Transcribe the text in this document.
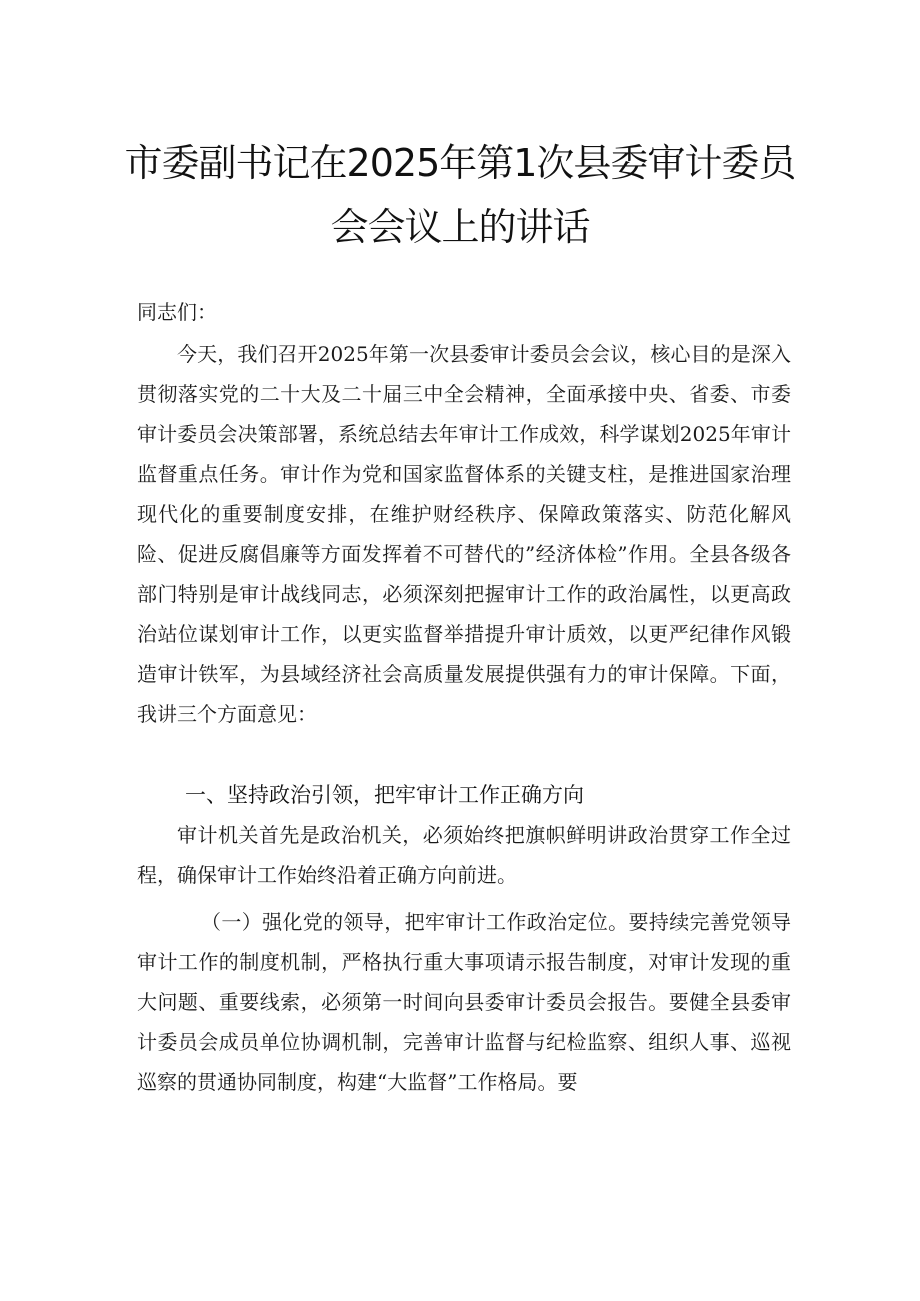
市委副书记在2025年第1次县委审计委员
会会议上的讲话
同志们：

今天，我们召开2025年第一次县委审计委员会会议，核心目的是深入贯彻落实党的二十大及二十届三中全会精神，全面承接中央、省委、市委审计委员会决策部署，系统总结去年审计工作成效，科学谋划2025年审计监督重点任务。审计作为党和国家监督体系的关键支柱，是推进国家治理现代化的重要制度安排，在维护财经秩序、保障政策落实、防范化解风险、促进反腐倡廉等方面发挥着不可替代的”经济体检”作用。全县各级各部门特别是审计战线同志，必须深刻把握审计工作的政治属性，以更高政治站位谋划审计工作，以更实监督举措提升审计质效，以更严纪律作风锻造审计铁军，为县域经济社会高质量发展提供强有力的审计保障。下面，我讲三个方面意见：

一、坚持政治引领，把牢审计工作正确方向

审计机关首先是政治机关，必须始终把旗帜鲜明讲政治贯穿工作全过程，确保审计工作始终沿着正确方向前进。

（一）强化党的领导，把牢审计工作政治定位。要持续完善党领导审计工作的制度机制，严格执行重大事项请示报告制度，对审计发现的重大问题、重要线索，必须第一时间向县委审计委员会报告。要健全县委审计委员会成员单位协调机制，完善审计监督与纪检监察、组织人事、巡视巡察的贯通协同制度，构建“大监督”工作格局。要
